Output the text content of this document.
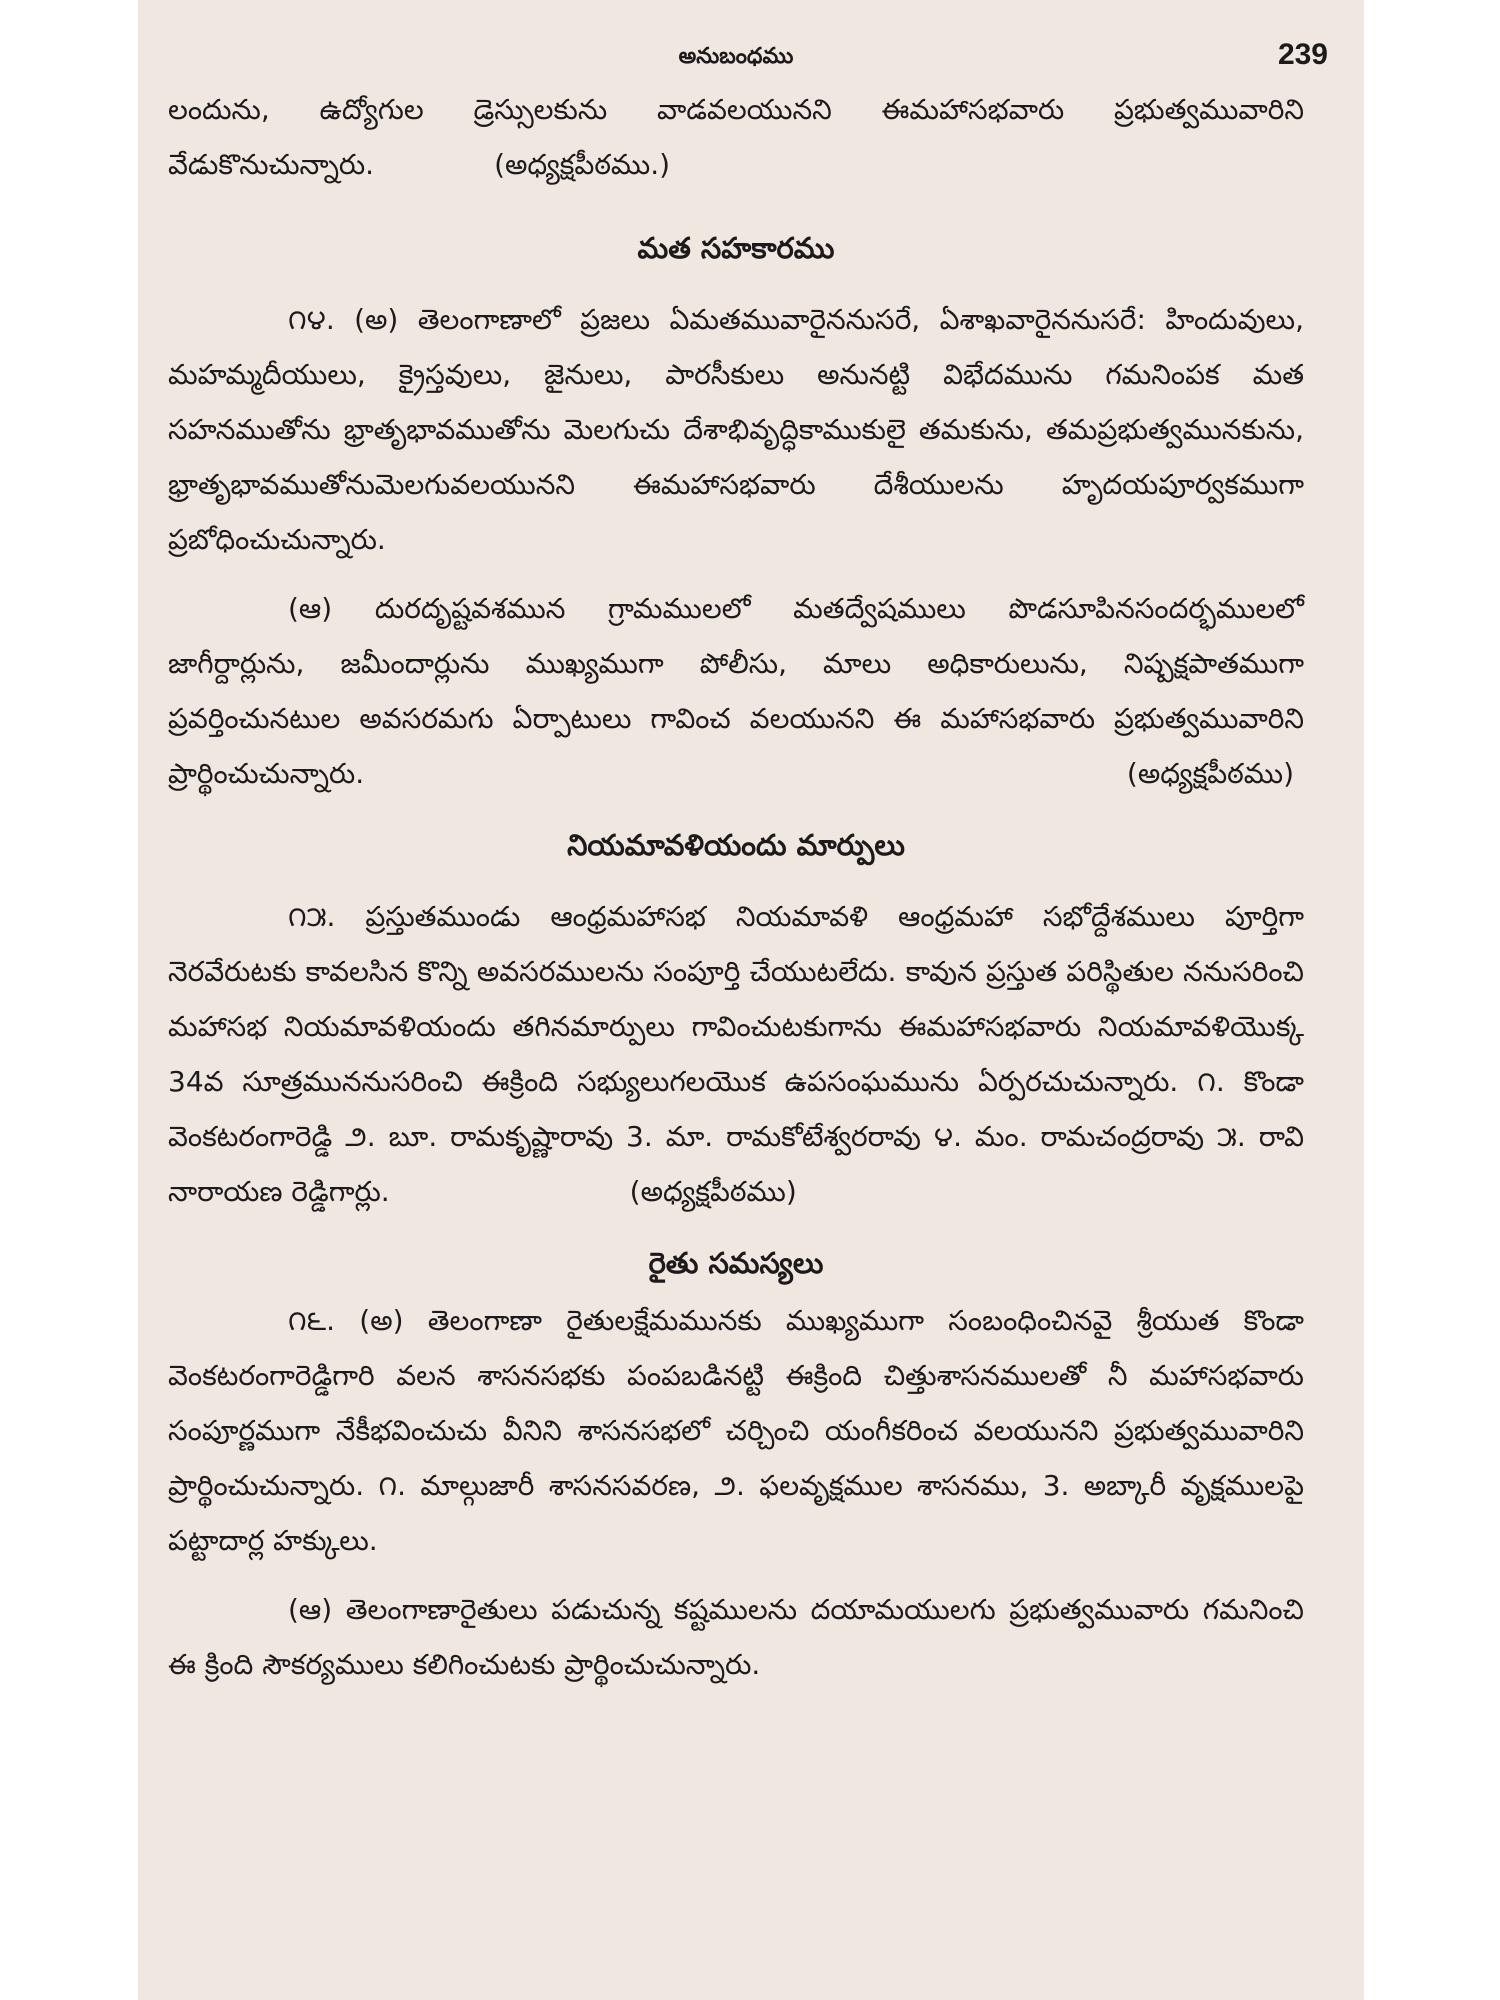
అనుబంధము	239

లందును, ఉద్యోగుల డ్రెస్సులకును వాడవలయునని ఈమహాసభవారు ప్రభుత్వమువారిని వేడుకొనుచున్నారు.	(అధ్యక్షపీఠము.)

మత సహకారము

౧౪. (అ) తెలంగాణాలో ప్రజలు ఏమతమువారైననుసరే, ఏశాఖవారైననుసరే: హిందువులు, మహమ్మదీయులు, క్రైస్తవులు, జైనులు, పారసీకులు అనునట్టి విభేదమును గమనింపక మత సహనముతోను భ్రాతృభావముతోను మెలగుచు దేశాభివృద్ధికాముకులై తమకును, తమప్రభుత్వమునకును, భ్రాతృభావముతోనుమెలగువలయునని ఈమహాసభవారు దేశీయులను హృదయపూర్వకముగా ప్రబోధించుచున్నారు.

(ఆ) దురదృష్టవశమున గ్రామములలో మతద్వేషములు పొడసూపినసందర్భములలో జాగీర్దార్లును, జమీందార్లును ముఖ్యముగా పోలీసు, మాలు అధికారులును, నిష్పక్షపాతముగా ప్రవర్తించునటుల అవసరమగు ఏర్పాటులు గావించ వలయునని ఈ మహాసభవారు ప్రభుత్వమువారిని ప్రార్థించుచున్నారు.	(అధ్యక్షపీఠము)

నియమావళియందు మార్పులు

౧౫. ప్రస్తుతముండు ఆంధ్రమహాసభ నియమావళి ఆంధ్రమహా సభోద్దేశములు పూర్తిగా నెరవేరుటకు కావలసిన కొన్ని అవసరములను సంపూర్తి చేయుటలేదు. కావున ప్రస్తుత పరిస్థితుల ననుసరించి మహాసభ నియమావళియందు తగినమార్పులు గావించుటకుగాను ఈమహాసభవారు నియమావళియొక్క 34వ సూత్రముననుసరించి ఈక్రింది సభ్యులుగలయొక ఉపసంఘమును ఏర్పరచుచున్నారు. ౧. కొండా వెంకటరంగారెడ్డి ౨. బూ. రామకృష్ణారావు 3. మా. రామకోటేశ్వరరావు ౪. మం. రామచంద్రరావు ౫. రావి నారాయణ రెడ్డిగార్లు.	(అధ్యక్షపీఠము)

రైతు సమస్యలు

౧౬. (అ) తెలంగాణా రైతులక్షేమమునకు ముఖ్యముగా సంబంధించినవై శ్రీయుత కొండా వెంకటరంగారెడ్డిగారి వలన శాసనసభకు పంపబడినట్టి ఈక్రింది చిత్తుశాసనములతో నీ మహాసభవారు సంపూర్ణముగా నేకీభవించుచు వీనిని శాసనసభలో చర్చించి యంగీకరించ వలయునని ప్రభుత్వమువారిని ప్రార్థించుచున్నారు. ౧. మాల్గుజారీ శాసనసవరణ, ౨. ఫలవృక్షముల శాసనము, 3. అబ్కారీ వృక్షములపై పట్టాదార్ల హక్కులు.

(ఆ) తెలంగాణారైతులు పడుచున్న కష్టములను దయామయులగు ప్రభుత్వమువారు గమనించి ఈ క్రింది సౌకర్యములు కలిగించుటకు ప్రార్థించుచున్నారు.
